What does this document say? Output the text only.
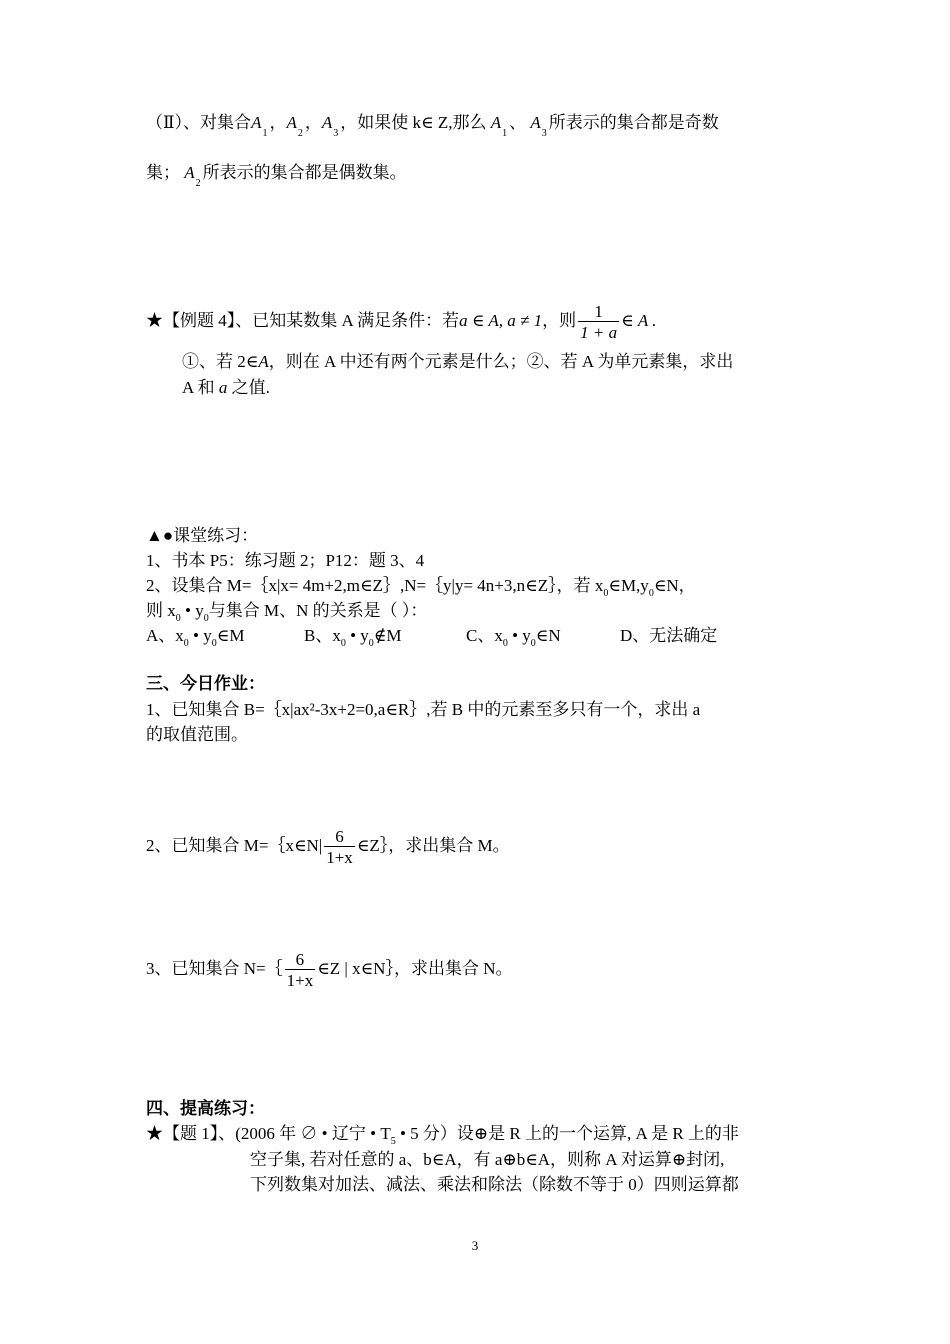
（Ⅱ）、对集合$A_1$，$A_2$，$A_3$，如果使 k∈ Z,那么 $A_1$、 $A_3$所表示的集合都是奇数
集； $A_2$所表示的集合都是偶数集。
★【例题 4】、已知某数集 A 满足条件：若a ∈ A, a ≠ 1，则 $\frac{1}{1 + a}$ ∈ A .
①、若 2∈A，则在 A 中还有两个元素是什么；②、若 A 为单元素集，求出
A 和 a 之值.
▲●课堂练习：
1、书本 P5：练习题 2；P12：题 3、4
2、设集合 M=｛x|x= 4m+2,m∈Z｝,N=｛y|y= 4n+3,n∈Z｝，若 $x_0\in M,y_0\in N$，
则 $x_0$ • $y_0$与集合 M、N 的关系是（ ）：
A、$x_0$ • $y_0\in M$	B、$x_0$ • $y_0\notin M$	C、$x_0$ • $y_0\in N$	D、无法确定
三、今日作业：
1、已知集合 B=｛x|ax²-3x+2=0,a∈R｝,若 B 中的元素至多只有一个，求出 a
的取值范围。
2、已知集合 M=｛x∈N| $\frac{6}{1+x}$ ∈Z｝，求出集合 M。
3、已知集合 N=｛ $\frac{6}{1+x}$ ∈Z | x∈N｝，求出集合 N。
四、提高练习：
★【题 1】、(2006 年 ∅ • 辽宁 • $T_5$ • 5 分）设⊕是 R 上的一个运算, A 是 R 上的非
空子集, 若对任意的 a、b∈A，有 a⊕b∈A，则称 A 对运算⊕封闭,
下列数集对加法、减法、乘法和除法（除数不等于 0）四则运算都
3
